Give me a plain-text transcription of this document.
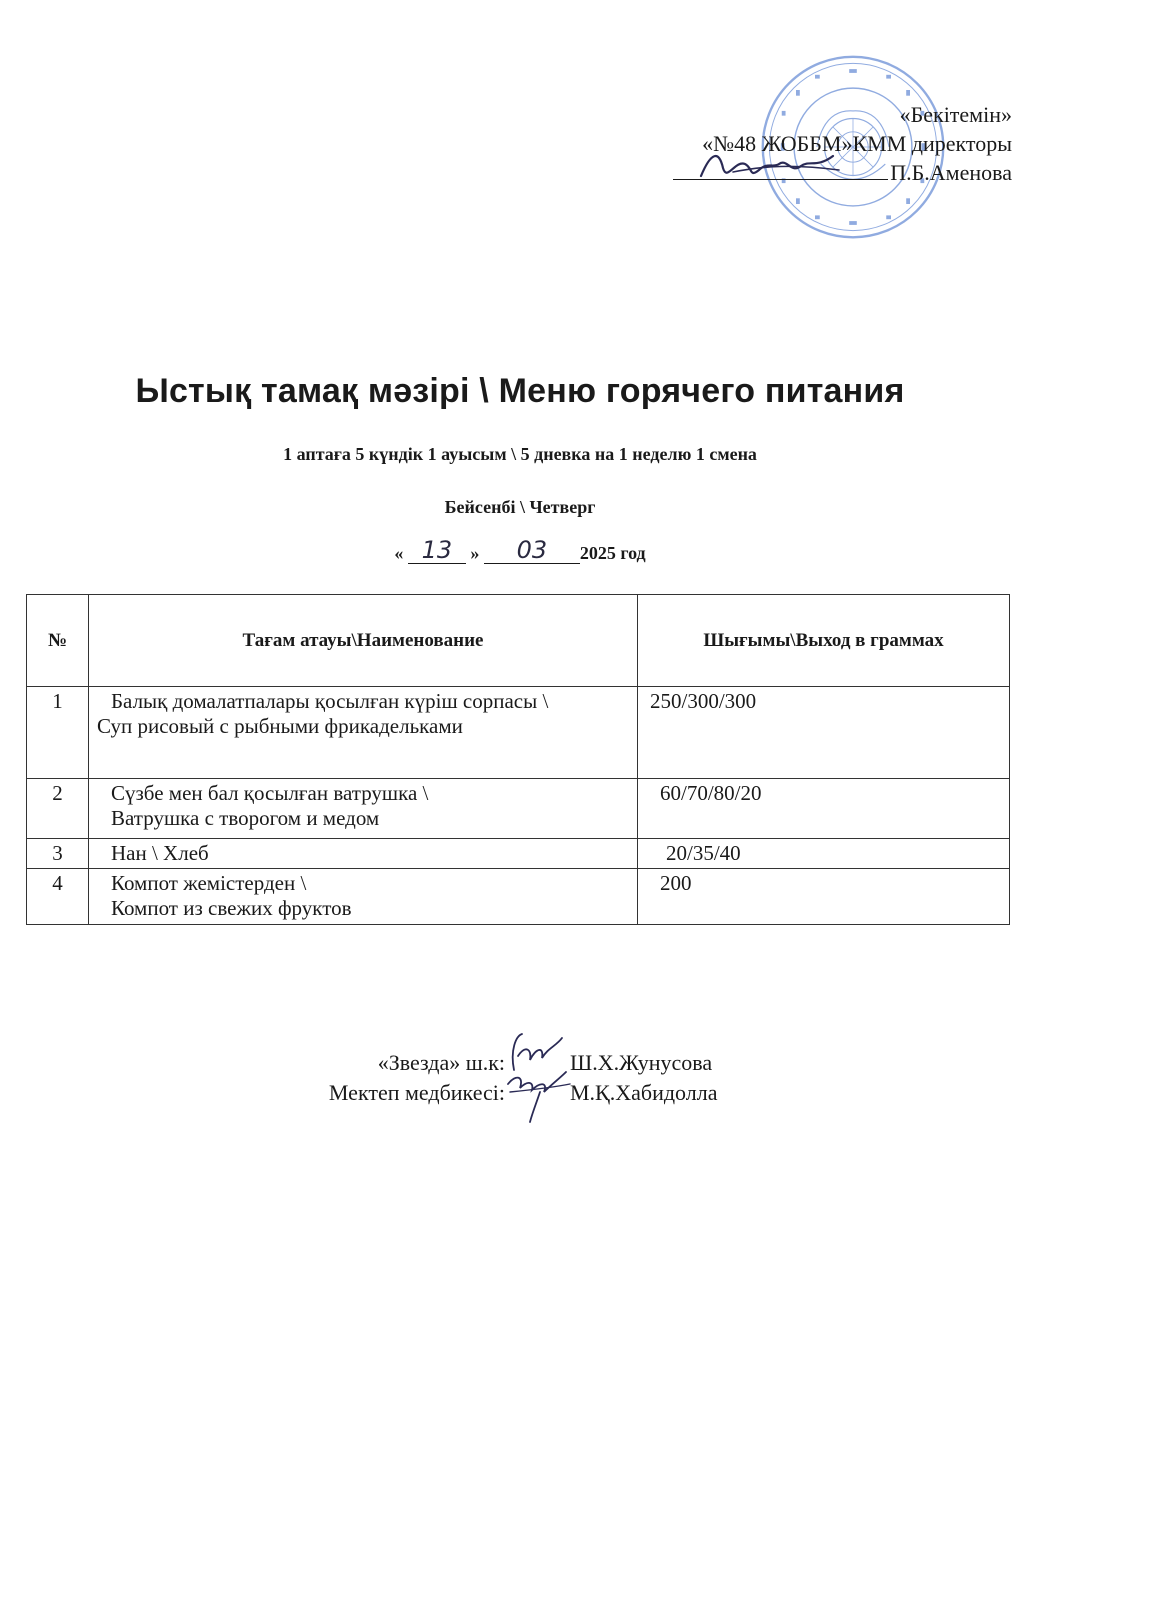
«Бекітемін»
«№48 ЖОББМ»КММ директоры
П.Б.Аменова
Ыстық тамақ мәзірі \ Меню горячего питания
1 аптаға 5 күндік 1 ауысым \ 5 дневка на 1 неделю 1 смена
Бейсенбі \ Четверг
« 13 » 03 2025 год
№	Тағам атауы\Наименование	Шығымы\Выход в граммах
1	Балық домалатпалары қосылған күріш сорпасы \
Суп рисовый с рыбными фрикадельками	250/300/300
2	Сүзбе мен бал қосылған ватрушка \
Ватрушка с творогом и медом	60/70/80/20
3	Нан \ Хлеб	20/35/40
4	Компот жемістерден \
Компот из свежих фруктов	200
«Звезда» ш.к:	Ш.Х.Жунусова
Мектеп медбикесі:	М.Қ.Хабидолла
